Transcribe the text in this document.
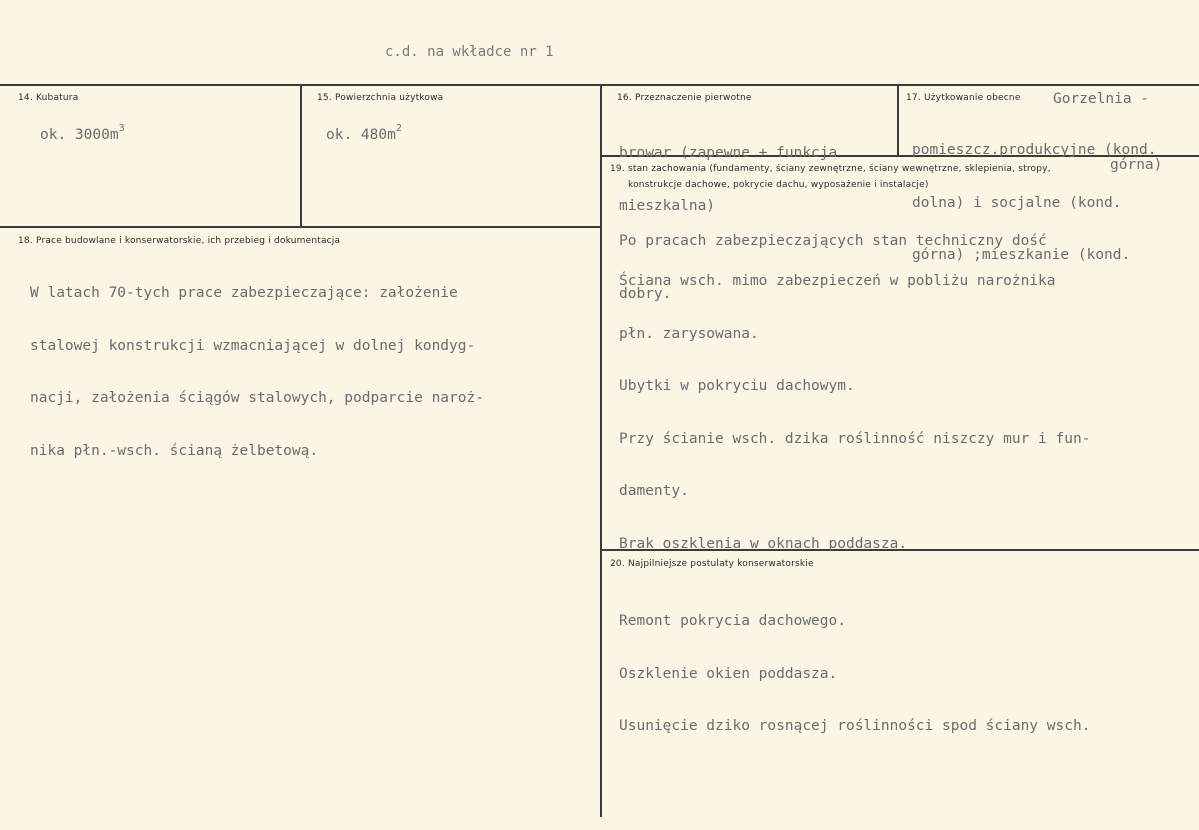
c.d. na wkładce nr 1
14. Kubatura
ok. $3000m^3$
15. Powierzchnia użytkowa
ok. $480m^2$
16. Przeznaczenie pierwotne

browar (zapewne + funkcja

mieszkalna)

17. Użytkowanie obecne Gorzelnia -

pomieszcz.produkcyjne (kond.

dolna) i socjalne (kond.

górna) ;mieszkanie (kond.

górna)
18. Prace budowlane i konserwatorskie, ich przebieg i dokumentacja

W latach 70-tych prace zabezpieczające: założenie

stalowej konstrukcji wzmacniającej w dolnej kondyg-

nacji, założenia ściągów stalowych, podparcie naroż-

nika płn.-wsch. ścianą żelbetową.

19. stan zachowania (fundamenty, ściany zewnętrzne, ściany wewnętrzne, sklepienia, stropy,
konstrukcje dachowe, pokrycie dachu, wyposażenie i instalacje)

Po pracach zabezpieczających stan techniczny dość

dobry.

Ściana wsch. mimo zabezpieczeń w pobliżu narożnika

płn. zarysowana.

Ubytki w pokryciu dachowym.

Przy ścianie wsch. dzika roślinność niszczy mur i fun-

damenty.

Brak oszklenia w oknach poddasza.

20. Najpilniejsze postulaty konserwatorskie

Remont pokrycia dachowego.

Oszklenie okien poddasza.

Usunięcie dziko rosnącej roślinności spod ściany wsch.
